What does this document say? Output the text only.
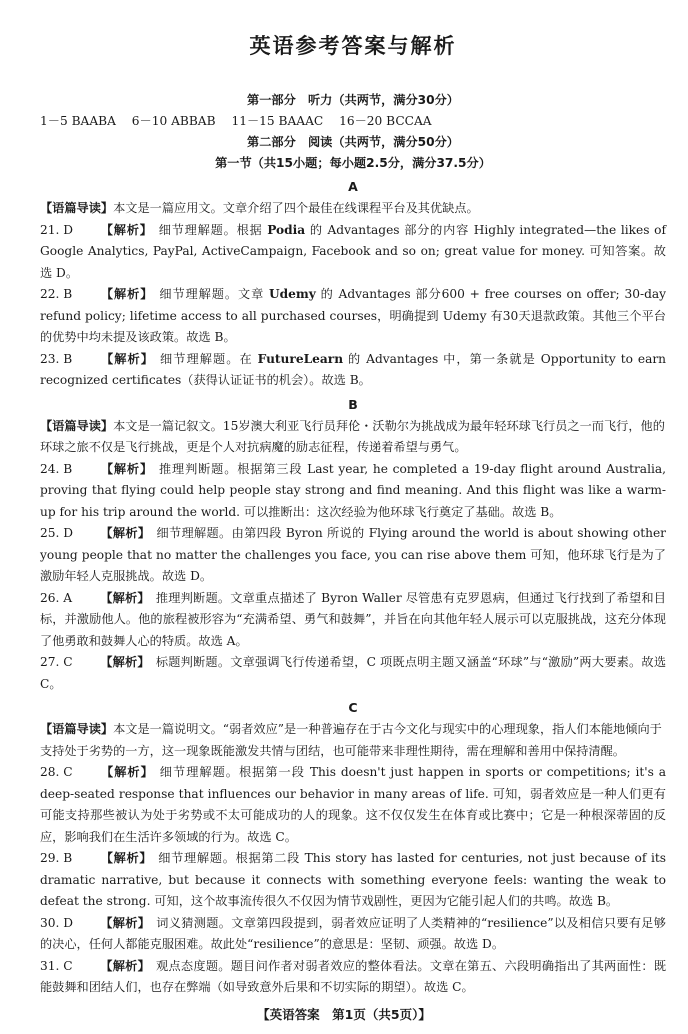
英语参考答案与解析
第一部分　听力（共两节，满分30分）
1－5 BAABA 6－10 ABBAB 11－15 BAAAC 16－20 BCCAA
第二部分　阅读（共两节，满分50分）
第一节（共15小题；每小题2.5分，满分37.5分）
A
【语篇导读】本文是一篇应用文。文章介绍了四个最佳在线课程平台及其优缺点。
21. D 【解析】 细节理解题。根据 Podia 的 Advantages 部分的内容 Highly integrated—the likes of Google Analytics, PayPal, ActiveCampaign, Facebook and so on; great value for money. 可知答案。故选 D。
22. B 【解析】 细节理解题。文章 Udemy 的 Advantages 部分600 + free courses on offer; 30-day refund policy; lifetime access to all purchased courses，明确提到 Udemy 有30天退款政策。其他三个平台的优势中均未提及该政策。故选 B。
23. B 【解析】 细节理解题。在 FutureLearn 的 Advantages 中，第一条就是 Opportunity to earn recognized certificates（获得认证证书的机会）。故选 B。
B
【语篇导读】本文是一篇记叙文。15岁澳大利亚飞行员拜伦・沃勒尔为挑战成为最年轻环球飞行员之一而飞行，他的环球之旅不仅是飞行挑战，更是个人对抗病魔的励志征程，传递着希望与勇气。
24. B 【解析】 推理判断题。根据第三段 Last year, he completed a 19-day flight around Australia, proving that flying could help people stay strong and find meaning. And this flight was like a warm-up for his trip around the world. 可以推断出：这次经验为他环球飞行奠定了基础。故选 B。
25. D 【解析】 细节理解题。由第四段 Byron 所说的 Flying around the world is about showing other young people that no matter the challenges you face, you can rise above them 可知，他环球飞行是为了激励年轻人克服挑战。故选 D。
26. A 【解析】 推理判断题。文章重点描述了 Byron Waller 尽管患有克罗恩病，但通过飞行找到了希望和目标，并激励他人。他的旅程被形容为“充满希望、勇气和鼓舞”，并旨在向其他年轻人展示可以克服挑战，这充分体现了他勇敢和鼓舞人心的特质。故选 A。
27. C 【解析】 标题判断题。文章强调飞行传递希望，C 项既点明主题又涵盖“环球”与“激励”两大要素。故选 C。
C
【语篇导读】本文是一篇说明文。“弱者效应”是一种普遍存在于古今文化与现实中的心理现象，指人们本能地倾向于支持处于劣势的一方，这一现象既能激发共情与团结，也可能带来非理性期待，需在理解和善用中保持清醒。
28. C 【解析】 细节理解题。根据第一段 This doesn't just happen in sports or competitions; it's a deep-seated response that influences our behavior in many areas of life. 可知，弱者效应是一种人们更有可能支持那些被认为处于劣势或不太可能成功的人的现象。这不仅仅发生在体育或比赛中；它是一种根深蒂固的反应，影响我们在生活许多领域的行为。故选 C。
29. B 【解析】 细节理解题。根据第二段 This story has lasted for centuries, not just because of its dramatic narrative, but because it connects with something everyone feels: wanting the weak to defeat the strong. 可知，这个故事流传很久不仅因为情节戏剧性，更因为它能引起人们的共鸣。故选 B。
30. D 【解析】 词义猜测题。文章第四段提到，弱者效应证明了人类精神的“resilience”以及相信只要有足够的决心，任何人都能克服困难。故此处“resilience”的意思是：坚韧、顽强。故选 D。
31. C 【解析】 观点态度题。题目问作者对弱者效应的整体看法。文章在第五、六段明确指出了其两面性：既能鼓舞和团结人们，也存在弊端（如导致意外后果和不切实际的期望）。故选 C。
【英语答案　第1页（共5页）】
